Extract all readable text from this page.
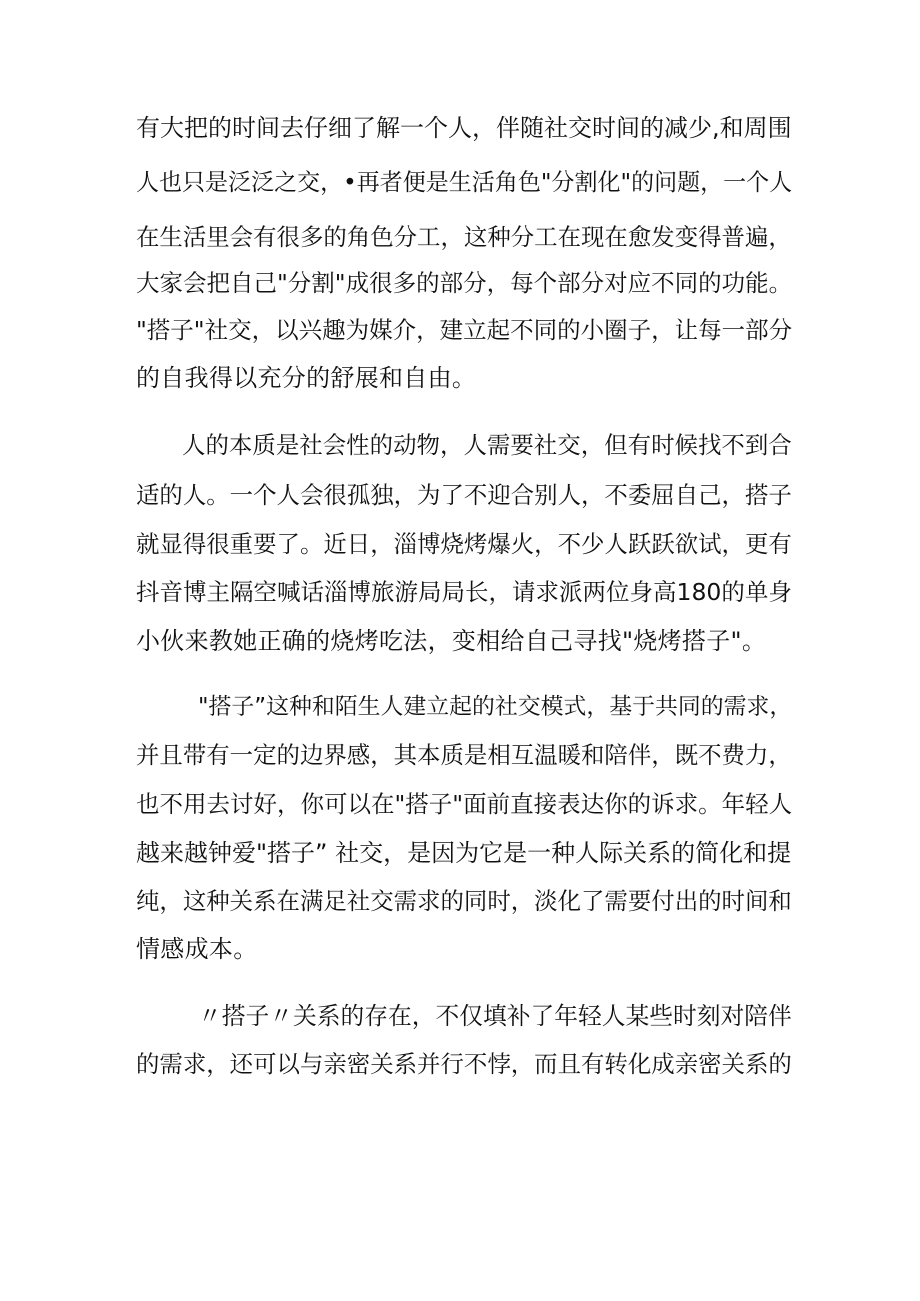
有大把的时间去仔细了解一个人，伴随社交时间的减少,和周围
人也只是泛泛之交，•再者便是生活角色"分割化"的问题，一个人
在生活里会有很多的角色分工，这种分工在现在愈发变得普遍，
大家会把自己"分割"成很多的部分，每个部分对应不同的功能。
"搭子"社交，以兴趣为媒介，建立起不同的小圈子，让每一部分
的自我得以充分的舒展和自由。
人的本质是社会性的动物，人需要社交，但有时候找不到合
适的人。一个人会很孤独，为了不迎合别人，不委屈自己，搭子
就显得很重要了。近日，淄博烧烤爆火，不少人跃跃欲试，更有
抖音博主隔空喊话淄博旅游局局长，请求派两位身高180的单身
小伙来教她正确的烧烤吃法，变相给自己寻找"烧烤搭子"。
"搭子”这种和陌生人建立起的社交模式，基于共同的需求，
并且带有一定的边界感，其本质是相互温暖和陪伴，既不费力，
也不用去讨好，你可以在"搭子"面前直接表达你的诉求。年轻人
越来越钟爱"搭子” 社交，是因为它是一种人际关系的简化和提
纯，这种关系在满足社交需求的同时，淡化了需要付出的时间和
情感成本。
〃搭子〃关系的存在，不仅填补了年轻人某些时刻对陪伴
的需求，还可以与亲密关系并行不悖，而且有转化成亲密关系的
